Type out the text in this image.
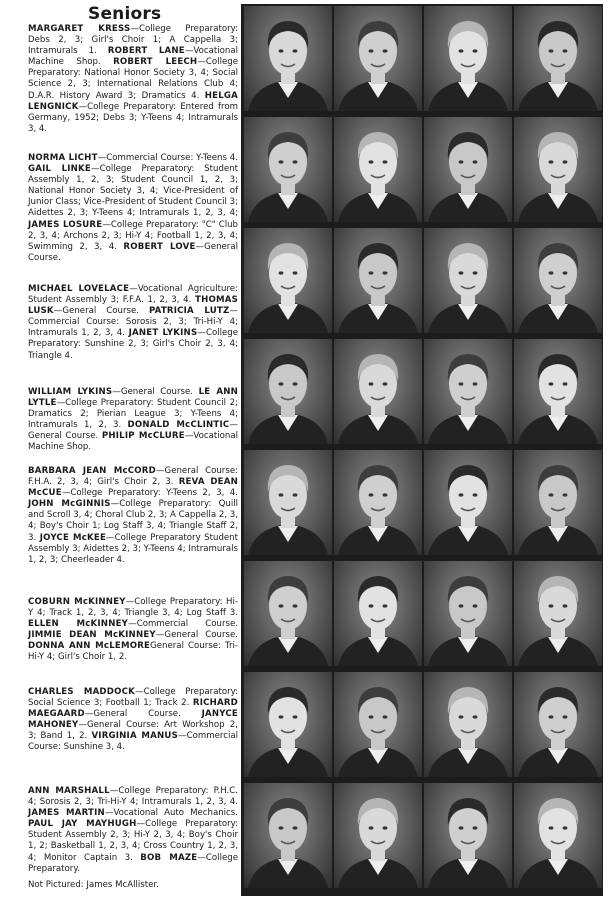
Seniors

MARGARET KRESS—College Preparatory: Debs 2, 3; Girl's Choir 1; A Cappella 3; Intramurals 1. ROBERT LANE—Vocational Machine Shop. ROBERT LEECH—College Preparatory: National Honor Society 3, 4; Social Science 2, 3; International Relations Club 4; D.A.R. History Award 3; Dramatics 4. HELGA LENGNICK—College Preparatory: Entered from Germany, 1952; Debs 3; Y-Teens 4; Intramurals 3, 4.

NORMA LICHT—Commercial Course: Y-Teens 4. GAIL LINKE—College Preparatory: Student Assembly 1, 2, 3; Student Council 1, 2, 3; National Honor Society 3, 4; Vice-President of Junior Class; Vice-President of Student Council 3; Aidettes 2, 3; Y-Teens 4; Intramurals 1, 2, 3, 4; JAMES LOSURE—College Preparatory: "C" Club 2, 3, 4; Archons 2, 3; Hi-Y 4; Football 1, 2, 3, 4; Swimming 2, 3, 4. ROBERT LOVE—General Course.

MICHAEL LOVELACE—Vocational Agriculture: Student Assembly 3; F.F.A. 1, 2, 3, 4. THOMAS LUSK—General Course. PATRICIA LUTZ—Commercial Course: Sorosis 2, 3; Tri-Hi-Y 4; Intramurals 1, 2, 3, 4. JANET LYKINS—College Preparatory: Sunshine 2, 3; Girl's Choir 2, 3, 4; Triangle 4.

WILLIAM LYKINS—General Course. LE ANN LYTLE—College Preparatory: Student Council 2; Dramatics 2; Pierian League 3; Y-Teens 4; Intramurals 1, 2, 3. DONALD McCLINTIC—General Course. PHILIP McCLURE—Vocational Machine Shop.

BARBARA JEAN McCORD—General Course: F.H.A. 2, 3, 4; Girl's Choir 2, 3. REVA DEAN McCUE—College Preparatory: Y-Teens 2, 3, 4. JOHN McGINNIS—College Preparatory: Quill and Scroll 3, 4; Choral Club 2, 3; A Cappella 2, 3, 4; Boy's Choir 1; Log Staff 3, 4; Triangle Staff 2, 3. JOYCE McKEE—College Preparatory Student Assembly 3; Aidettes 2, 3; Y-Teens 4; Intramurals 1, 2, 3; Cheerleader 4.

COBURN McKINNEY—College Preparatory: Hi-Y 4; Track 1, 2, 3, 4; Triangle 3, 4; Log Staff 3. ELLEN McKINNEY—Commercial Course. JIMMIE DEAN McKINNEY—General Course. DONNA ANN McLEMOREGeneral Course: Tri-Hi-Y 4; Girl's Choir 1, 2.

CHARLES MADDOCK—College Preparatory: Social Science 3; Football 1; Track 2. RICHARD MAEGAARD—General Course. JANYCE MAHONEY—General Course: Art Workshop 2, 3; Band 1, 2. VIRGINIA MANUS—Commercial Course: Sunshine 3, 4.

ANN MARSHALL—College Preparatory: P.H.C. 4; Sorosis 2, 3; Tri-Hi-Y 4; Intramurals 1, 2, 3, 4. JAMES MARTIN—Vocational Auto Mechanics. PAUL JAY MAYHUGH—College Preparatory: Student Assembly 2, 3; Hi-Y 2, 3, 4; Boy's Choir 1, 2; Basketball 1, 2, 3, 4; Cross Country 1, 2, 3, 4; Monitor Captain 3. BOB MAZE—College Preparatory.

Not Pictured: James McAllister.
